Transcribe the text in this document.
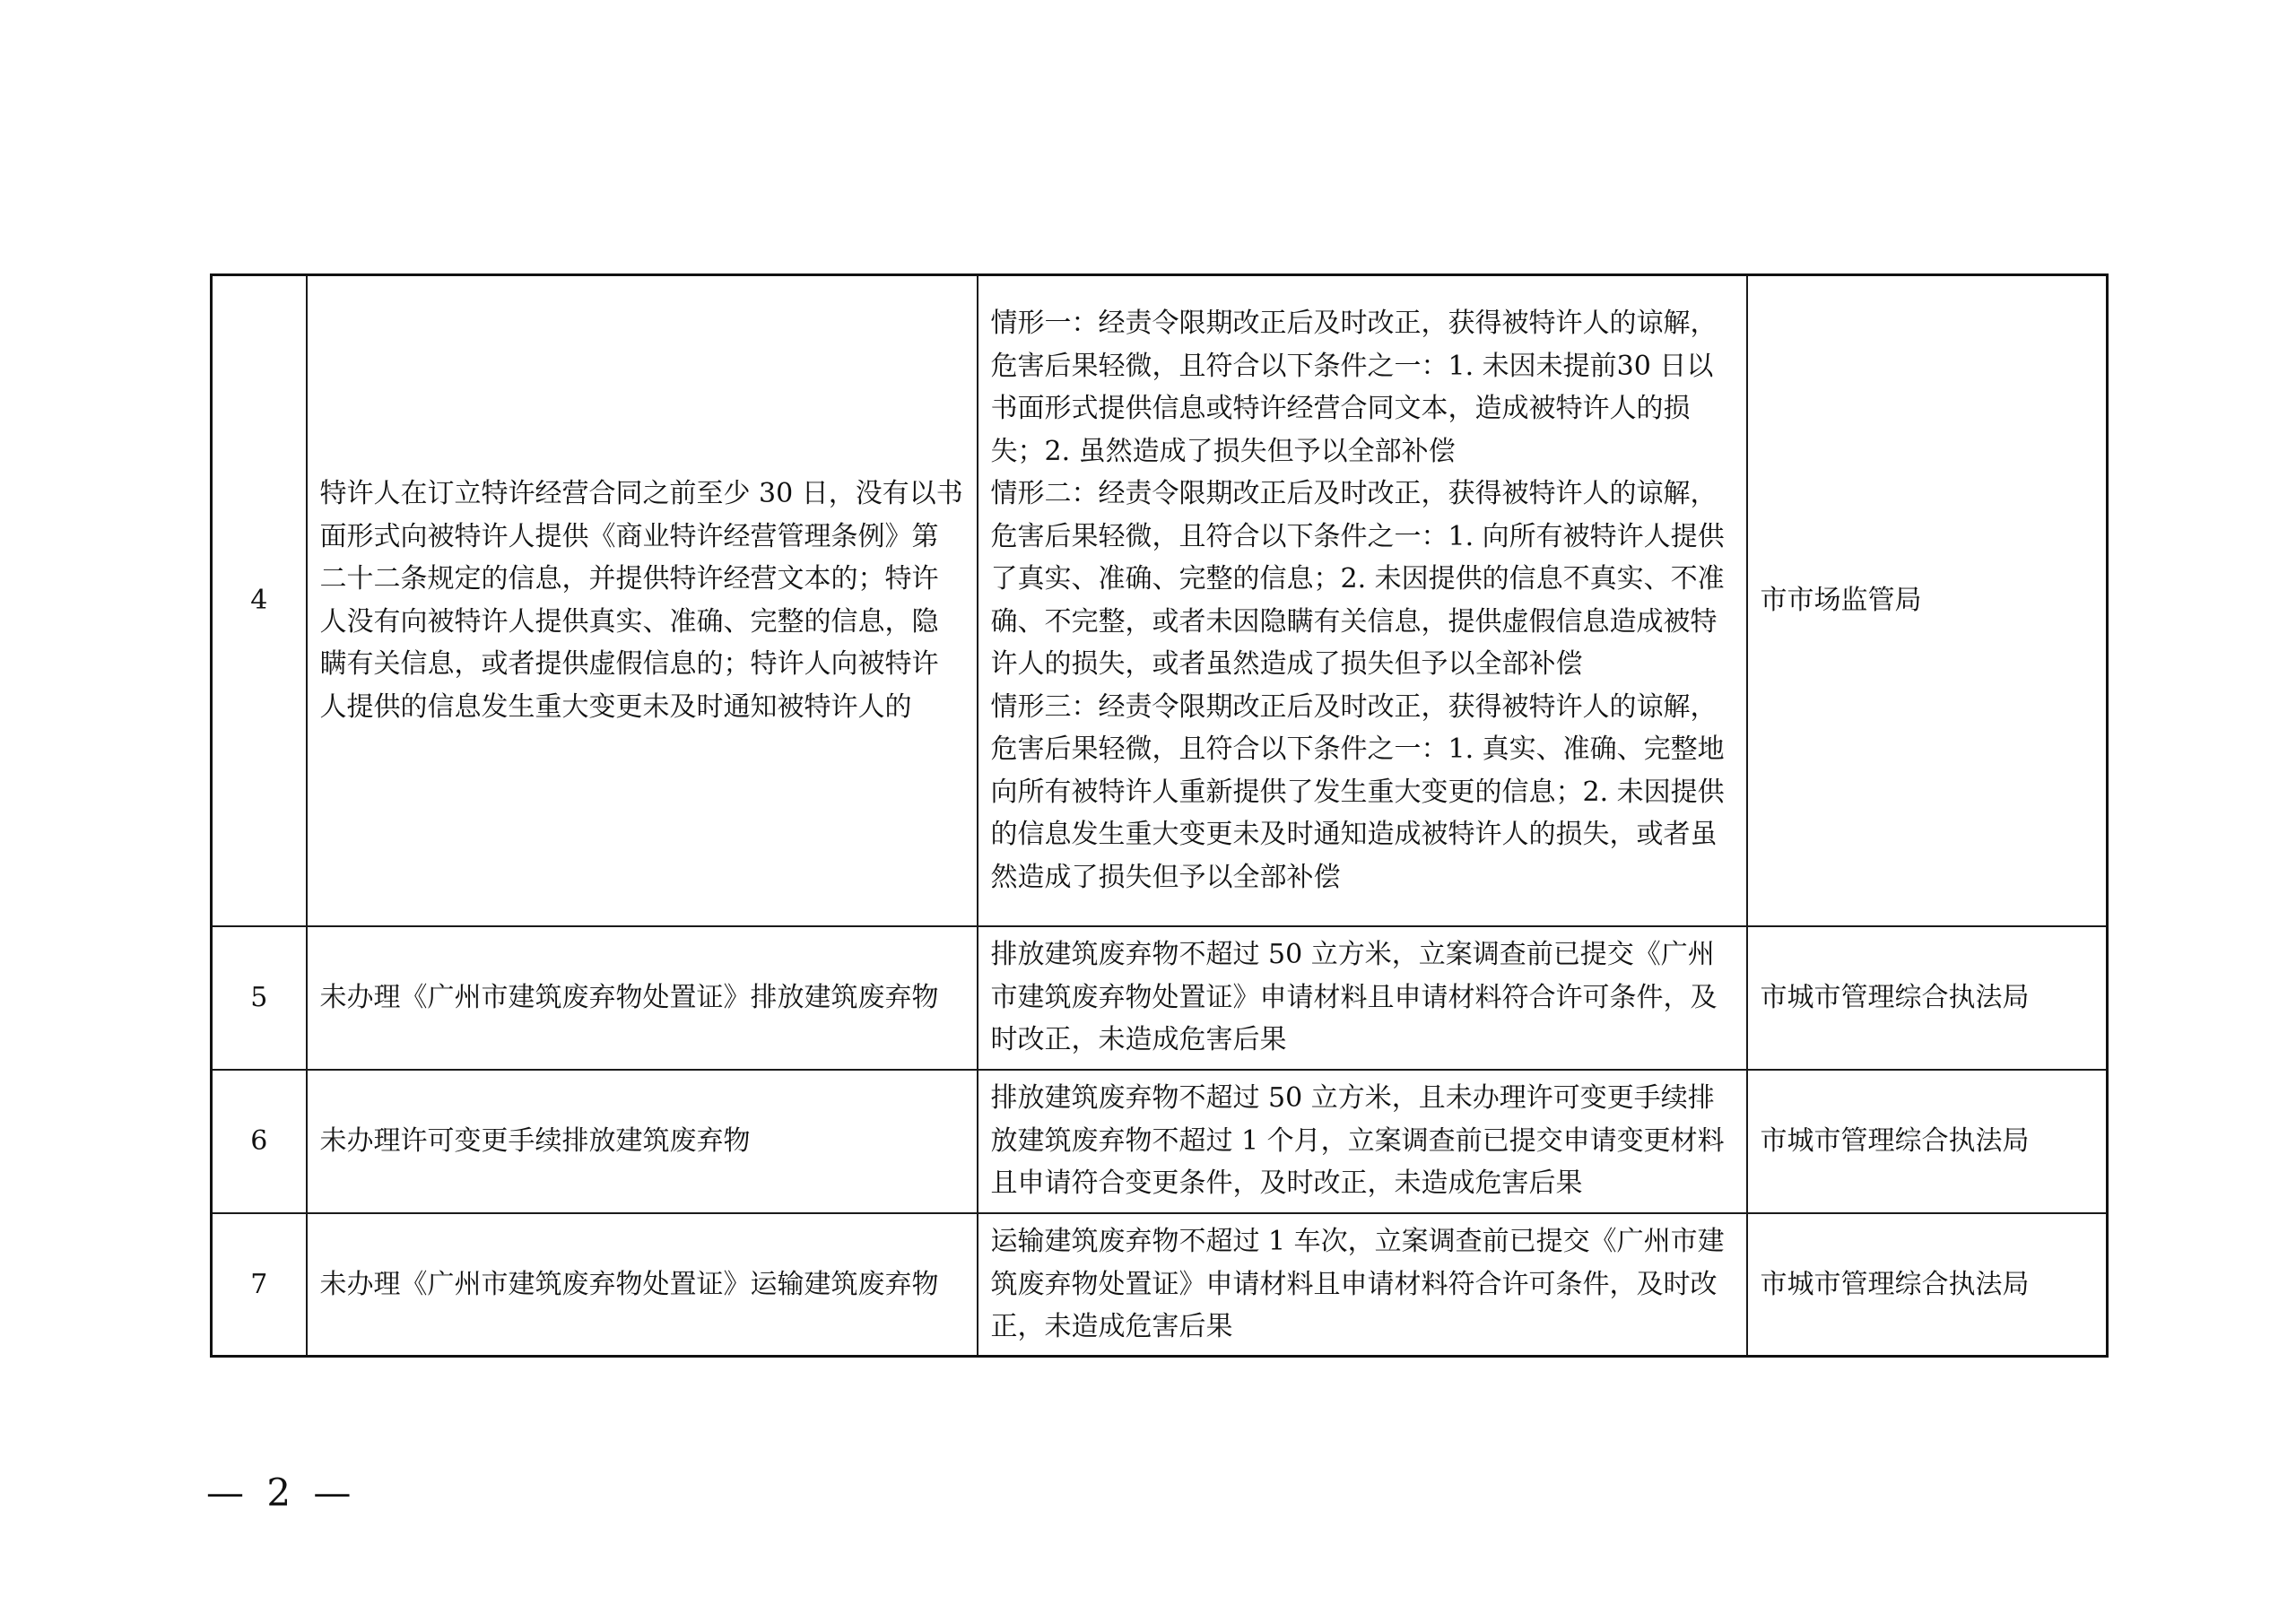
4	特许人在订立特许经营合同之前至少 30 日，没有以书面形式向被特许人提供《商业特许经营管理条例》第二十二条规定的信息，并提供特许经营文本的；特许人没有向被特许人提供真实、准确、完整的信息，隐瞒有关信息，或者提供虚假信息的；特许人向被特许人提供的信息发生重大变更未及时通知被特许人的	情形一：经责令限期改正后及时改正，获得被特许人的谅解，危害后果轻微，且符合以下条件之一：1. 未因未提前30 日以书面形式提供信息或特许经营合同文本，造成被特许人的损失；2. 虽然造成了损失但予以全部补偿
情形二：经责令限期改正后及时改正，获得被特许人的谅解，危害后果轻微，且符合以下条件之一：1. 向所有被特许人提供了真实、准确、完整的信息；2. 未因提供的信息不真实、不准确、不完整，或者未因隐瞒有关信息，提供虚假信息造成被特许人的损失，或者虽然造成了损失但予以全部补偿
情形三：经责令限期改正后及时改正，获得被特许人的谅解，危害后果轻微，且符合以下条件之一：1. 真实、准确、完整地向所有被特许人重新提供了发生重大变更的信息；2. 未因提供的信息发生重大变更未及时通知造成被特许人的损失，或者虽然造成了损失但予以全部补偿	市市场监管局
5	未办理《广州市建筑废弃物处置证》排放建筑废弃物	排放建筑废弃物不超过 50 立方米，立案调查前已提交《广州市建筑废弃物处置证》申请材料且申请材料符合许可条件，及时改正，未造成危害后果	市城市管理综合执法局
6	未办理许可变更手续排放建筑废弃物	排放建筑废弃物不超过 50 立方米，且未办理许可变更手续排放建筑废弃物不超过 1 个月，立案调查前已提交申请变更材料且申请符合变更条件，及时改正，未造成危害后果	市城市管理综合执法局
7	未办理《广州市建筑废弃物处置证》运输建筑废弃物	运输建筑废弃物不超过 1 车次，立案调查前已提交《广州市建筑废弃物处置证》申请材料且申请材料符合许可条件，及时改正，未造成危害后果	市城市管理综合执法局
— 2 —
